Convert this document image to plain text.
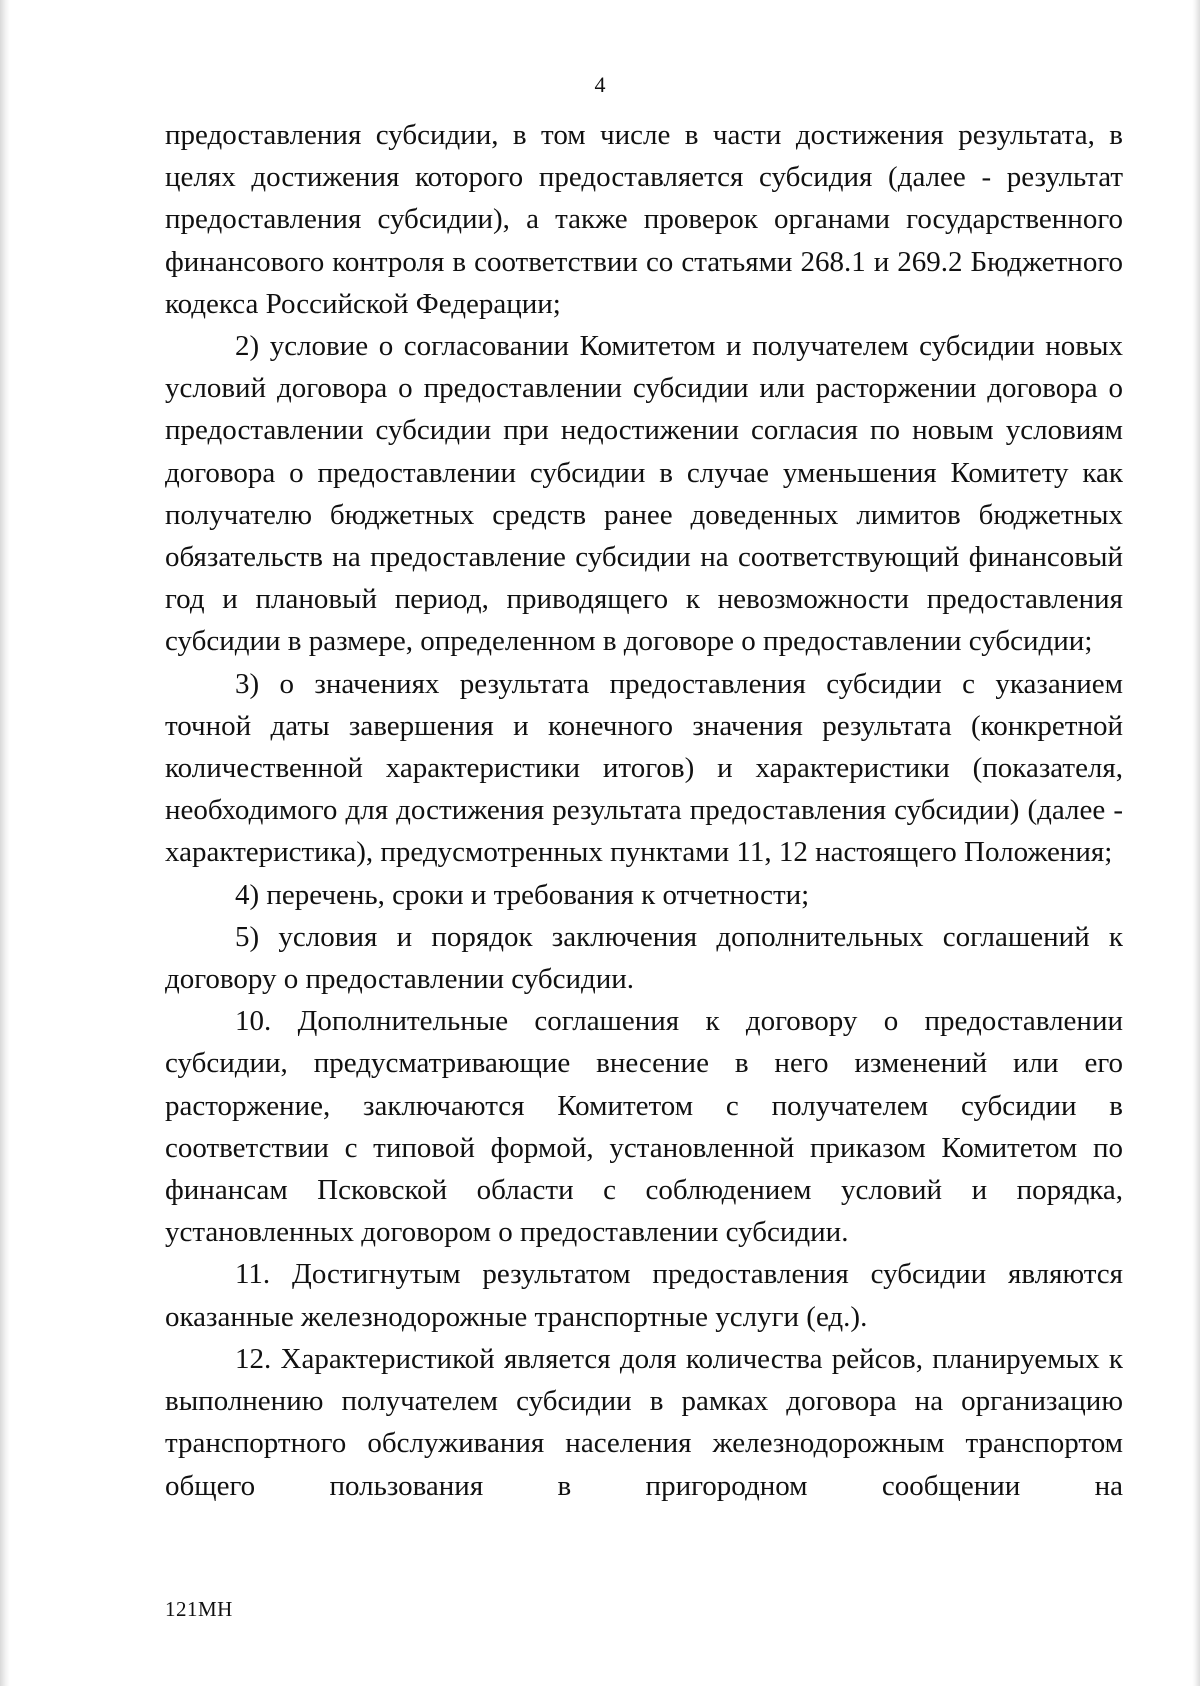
4

предоставления субсидии, в том числе в части достижения результата, в целях достижения которого предоставляется субсидия (далее - результат предоставления субсидии), а также проверок органами государственного финансового контроля в соответствии со статьями 268.1 и 269.2 Бюджетного кодекса Российской Федерации;

2) условие о согласовании Комитетом и получателем субсидии новых условий договора о предоставлении субсидии или расторжении договора о предоставлении субсидии при недостижении согласия по новым условиям договора о предоставлении субсидии в случае уменьшения Комитету как получателю бюджетных средств ранее доведенных лимитов бюджетных обязательств на предоставление субсидии на соответствующий финансовый год и плановый период, приводящего к невозможности предоставления субсидии в размере, определенном в договоре о предоставлении субсидии;

3) о значениях результата предоставления субсидии с указанием точной даты завершения и конечного значения результата (конкретной количественной характеристики итогов) и характеристики (показателя, необходимого для достижения результата предоставления субсидии) (далее - характеристика), предусмотренных пунктами 11, 12 настоящего Положения;

4) перечень, сроки и требования к отчетности;

5) условия и порядок заключения дополнительных соглашений к договору о предоставлении субсидии.

10. Дополнительные соглашения к договору о предоставлении субсидии, предусматривающие внесение в него изменений или его расторжение, заключаются Комитетом с получателем субсидии в соответствии с типовой формой, установленной приказом Комитетом по финансам Псковской области с соблюдением условий и порядка, установленных договором о предоставлении субсидии.

11. Достигнутым результатом предоставления субсидии являются оказанные железнодорожные транспортные услуги (ед.).

12. Характеристикой является доля количества рейсов, планируемых к выполнению получателем субсидии в рамках договора на организацию транспортного обслуживания населения железнодорожным транспортом общего пользования в пригородном сообщении на

121МН
